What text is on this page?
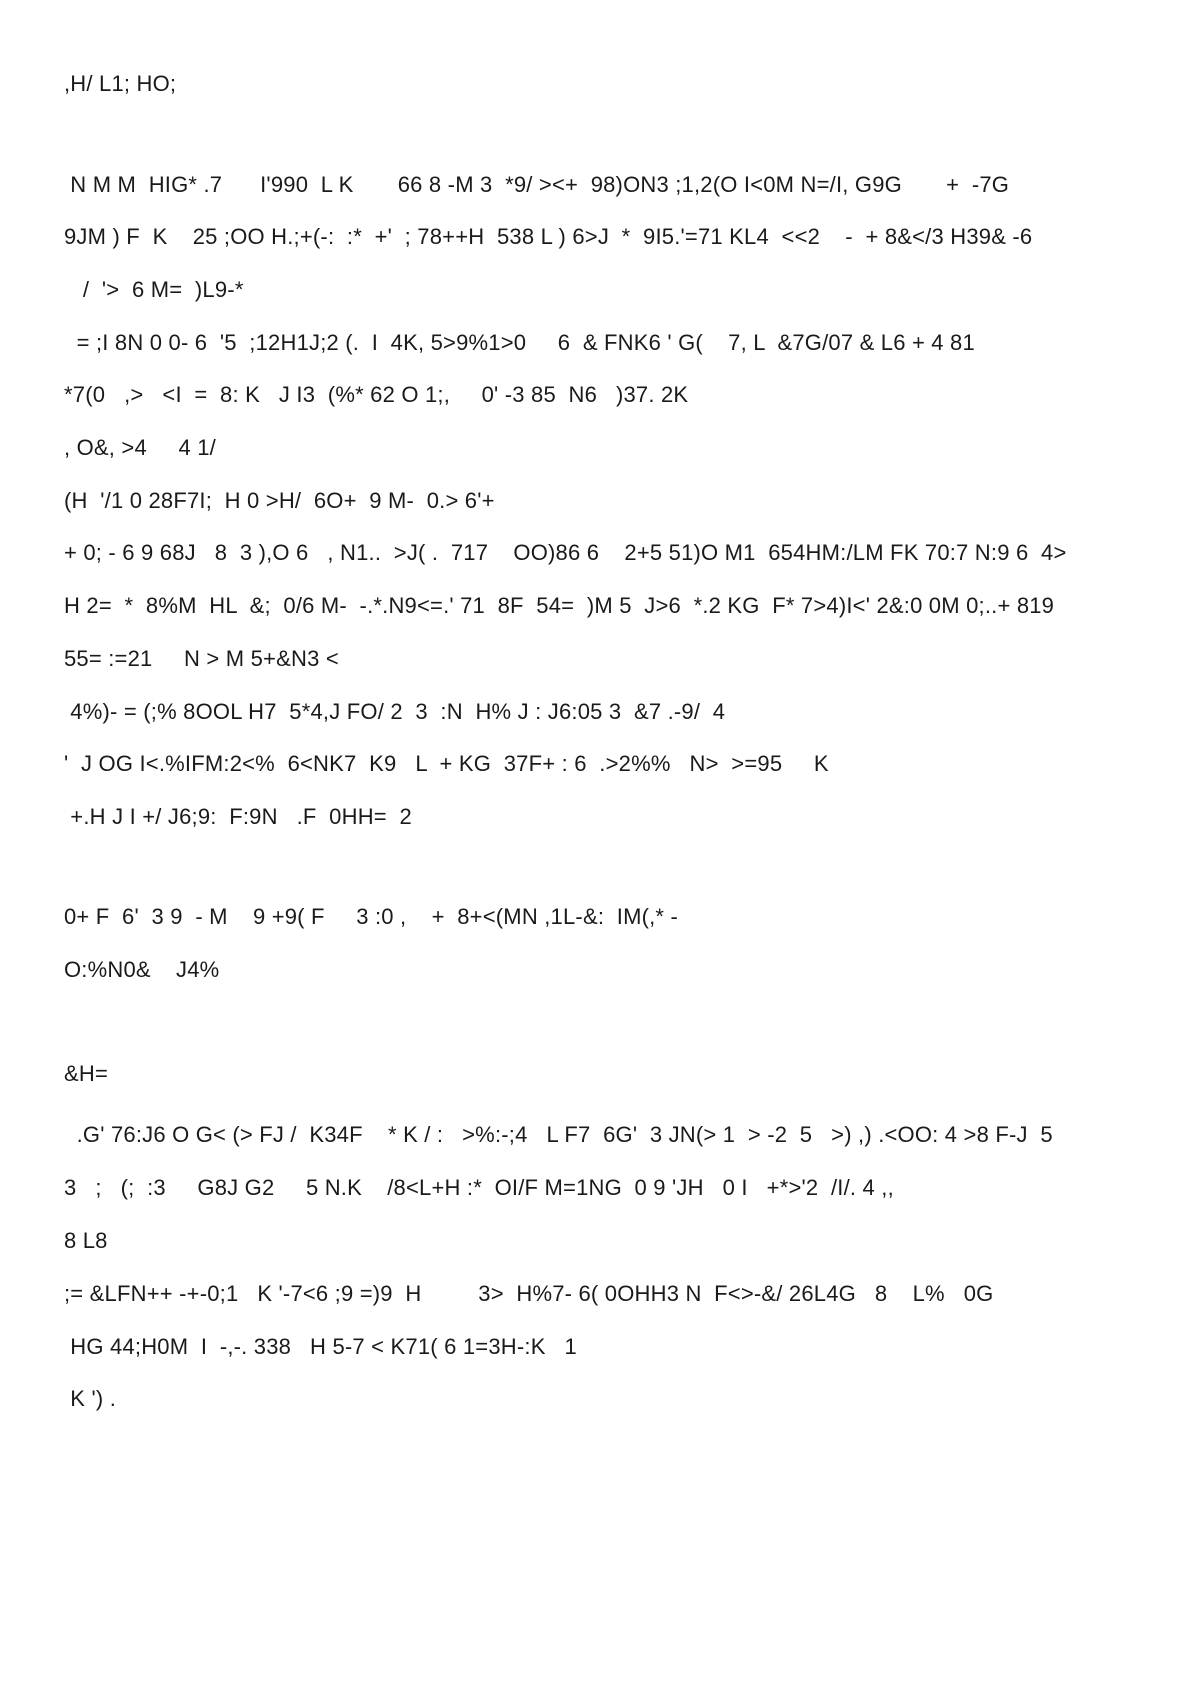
,H/ L1; HO;

N M M  HIG* .7      I'990  L K       66 8 -M 3  *9/ ><+  98)ON3 ;1,2(O I<0M N=/I, G9G       +  -7G

9JM ) F  K    25 ;OO H.;+(-:  :*  +'  ; 78++H  538 L ) 6>J  *  9I5.'=71 KL4  <<2    -  + 8&</3 H39& -6

/  '>  6 M=  )L9-*

= ;I 8N 0 0- 6  '5  ;12H1J;2 (.  I  4K, 5>9%1>0     6  & FNK6 ' G(    7, L  &7G/07 & L6 + 4 81

*7(0   ,>   <I  =  8: K   J I3  (%* 62 O 1;,     0' -3 85  N6   )37. 2K

, O&, >4     4 1/

(H  '/1 0 28F7I;  H 0 >H/  6O+  9 M-  0.> 6'+

+ 0; - 6 9 68J   8  3 ),O 6   , N1..  >J( .  717    OO)86 6    2+5 51)O M1  654HM:/LM FK 70:7 N:9 6  4>

H 2=  *  8%M  HL  &;  0/6 M-  -.*.N9<=.' 71  8F  54=  )M 5  J>6  *.2 KG  F* 7>4)I<' 2&:0 0M 0;..+ 819

55= :=21     N > M 5+&N3 <

4%)- = (;% 8OOL H7  5*4,J FO/ 2  3  :N  H% J : J6:05 3  &7 .-9/  4

'  J OG I<.%IFM:2<%  6<NK7  K9   L  + KG  37F+ : 6  .>2%%   N>  >=95     K

+.H J I +/ J6;9:  F:9N   .F  0HH=  2

0+ F  6'  3 9  - M    9 +9( F     3 :0 ,    +  8+<(MN ,1L-&:  IM(,* -

O:%N0&    J4%

&H=

.G' 76:J6 O G< (> FJ /  K34F    * K / :   >%:-;4   L F7  6G'  3 JN(> 1  > -2  5   >) ,) .<OO: 4 >8 F-J  5

3   ;   (;  :3     G8J G2     5 N.K    /8<L+H :*  OI/F M=1NG  0 9 'JH   0 I   +*>'2  /I/. 4 ,,

8 L8

;= &LFN++ -+-0;1   K '-7<6 ;9 =)9  H         3>  H%7- 6( 0OHH3 N  F<>-&/ 26L4G   8    L%   0G

HG 44;H0M  I  -,-. 338   H 5-7 < K71( 6 1=3H-:K   1

K ') .
